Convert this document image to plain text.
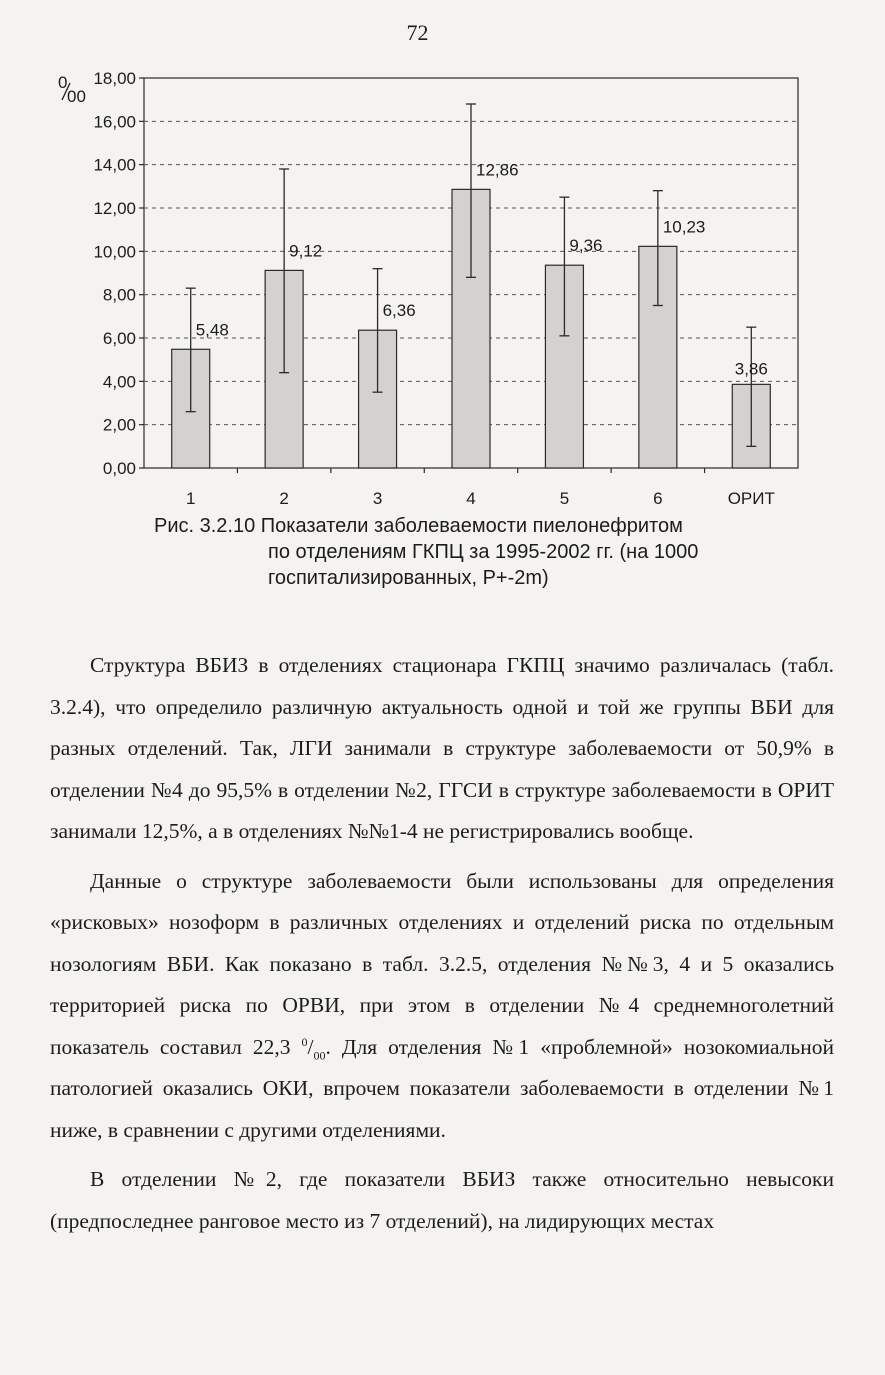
72
0,00
2,00
4,00
6,00
8,00
10,00
12,00
14,00
16,00
18,00
5,48
9,12
6,36
12,86
9,36
10,23
3,86
1	2	3	4	5	6	ОРИТ
0
00
Рис. 3.2.10 Показатели заболеваемости пиелонефритом
по отделениям ГКПЦ за 1995-2002 гг. (на 1000
госпитализированных, P+-2m)

Структура ВБИЗ в отделениях стационара ГКПЦ значимо различалась (табл. 3.2.4), что определило различную актуальность одной и той же группы ВБИ для разных отделений. Так, ЛГИ занимали в структуре заболеваемости от 50,9% в отделении №4 до 95,5% в отделении №2, ГГСИ в структуре заболеваемости в ОРИТ занимали 12,5%, а в отделениях №№1-4 не регистрировались вообще.

Данные о структуре заболеваемости были использованы для определения «рисковых» нозоформ в различных отделениях и отделений риска по отдельным нозологиям ВБИ. Как показано в табл. 3.2.5, отделения №№3, 4 и 5 оказались территорией риска по ОРВИ, при этом в отделении №4 среднемноголетний показатель составил 22,3 $^0/_{00}$. Для отделения №1 «проблемной» нозокомиальной патологией оказались ОКИ, впрочем показатели заболеваемости в отделении №1 ниже, в сравнении с другими отделениями.

В отделении №2, где показатели ВБИЗ также относительно невысоки (предпоследнее ранговое место из 7 отделений), на лидирующих местах
